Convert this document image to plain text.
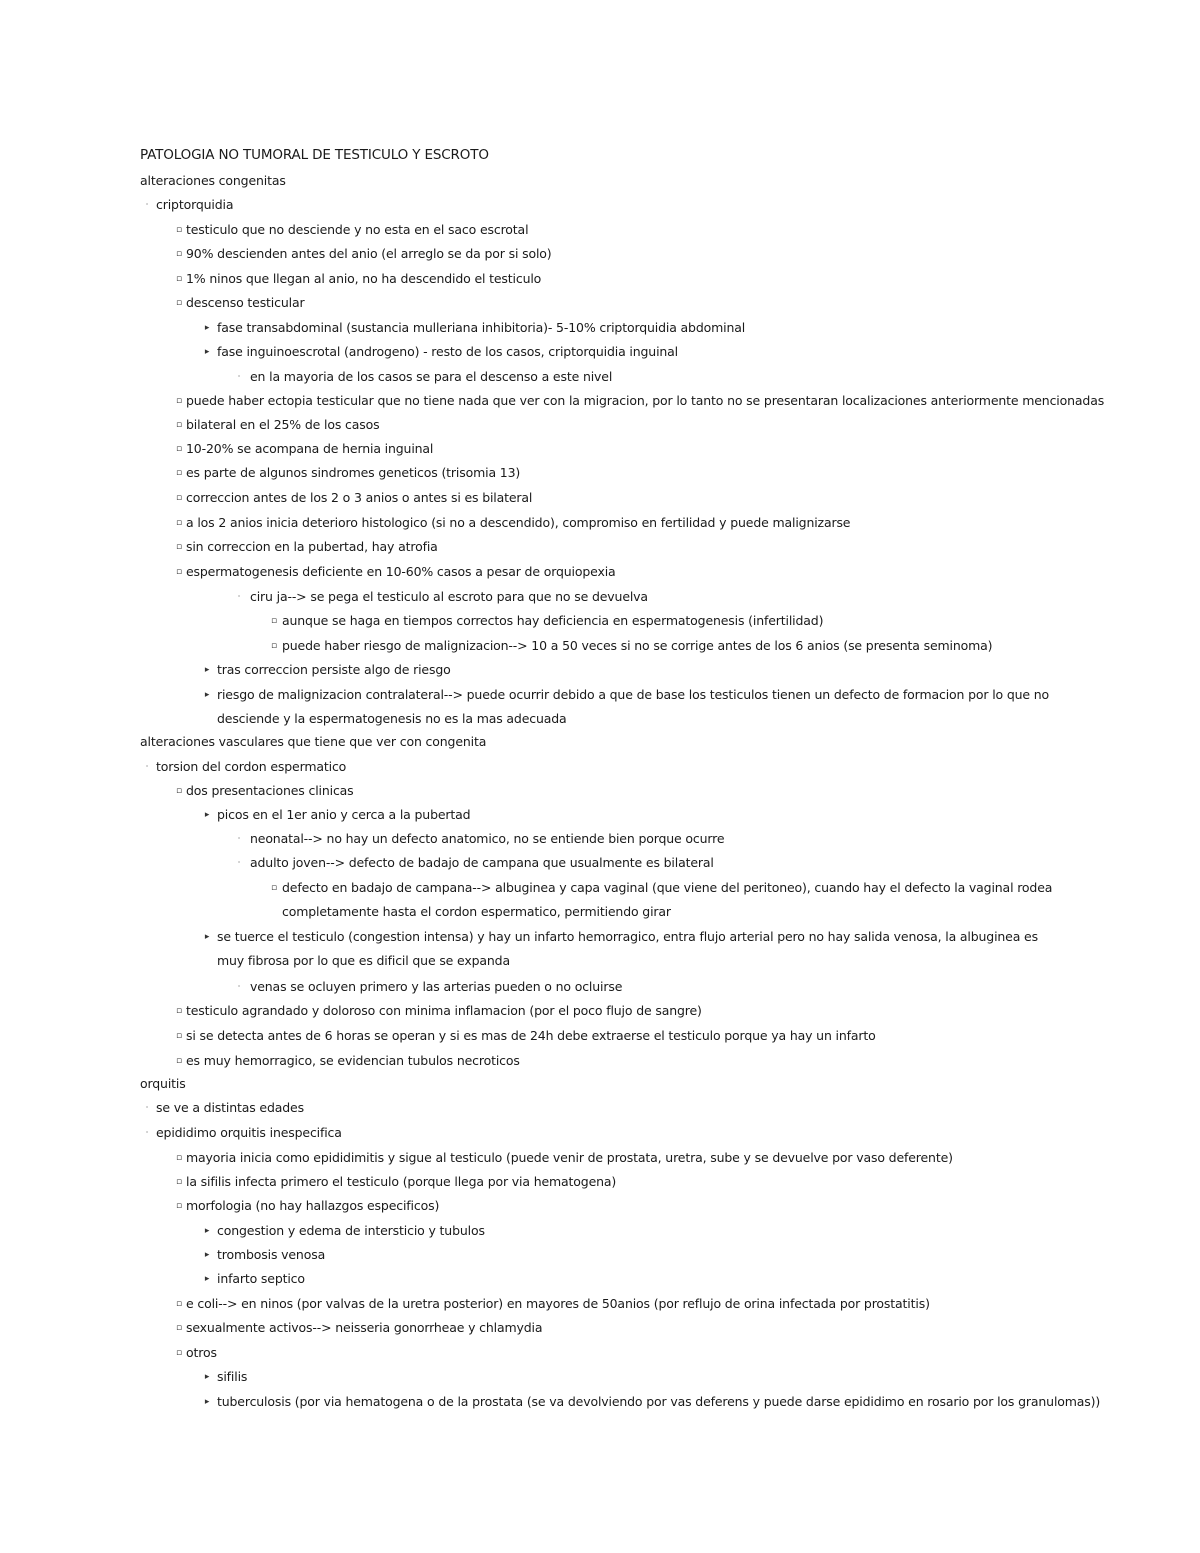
PATOLOGIA NO TUMORAL DE TESTICULO Y ESCROTO
alteraciones congenitas
· criptorquidia
▫ testiculo que no desciende y no esta en el saco escrotal
▫ 90% descienden antes del anio (el arreglo se da por si solo)
▫ 1% ninos que llegan al anio, no ha descendido el testiculo
▫ descenso testicular
▸ fase transabdominal (sustancia mulleriana inhibitoria)- 5-10% criptorquidia abdominal
▸ fase inguinoescrotal (androgeno) - resto de los casos, criptorquidia inguinal
· en la mayoria de los casos se para el descenso a este nivel
▫ puede haber ectopia testicular que no tiene nada que ver con la migracion, por lo tanto no se presentaran localizaciones anteriormente mencionadas
▫ bilateral en el 25% de los casos
▫ 10-20% se acompana de hernia inguinal
▫ es parte de algunos sindromes geneticos (trisomia 13)
▫ correccion antes de los 2 o 3 anios o antes si es bilateral
▫ a los 2 anios inicia deterioro histologico (si no a descendido), compromiso en fertilidad y puede malignizarse
▫ sin correccion en la pubertad, hay atrofia
▫ espermatogenesis deficiente en 10-60% casos a pesar de orquiopexia
· ciru ja--> se pega el testiculo al escroto para que no se devuelva
▫ aunque se haga en tiempos correctos hay deficiencia en espermatogenesis (infertilidad)
▫ puede haber riesgo de malignizacion--> 10 a 50 veces si no se corrige antes de los 6 anios (se presenta seminoma)
▸ tras correccion persiste algo de riesgo
▸ riesgo de malignizacion contralateral--> puede ocurrir debido a que de base los testiculos tienen un defecto de formacion por lo que no desciende y la espermatogenesis no es la mas adecuada
alteraciones vasculares que tiene que ver con congenita
· torsion del cordon espermatico
▫ dos presentaciones clinicas
▸ picos en el 1er anio y cerca a la pubertad
· neonatal--> no hay un defecto anatomico, no se entiende bien porque ocurre
· adulto joven--> defecto de badajo de campana que usualmente es bilateral
▫ defecto en badajo de campana--> albuginea y capa vaginal (que viene del peritoneo), cuando hay el defecto la vaginal rodea completamente hasta el cordon espermatico, permitiendo girar
▸ se tuerce el testiculo (congestion intensa) y hay un infarto hemorragico, entra flujo arterial pero no hay salida venosa, la albuginea es muy fibrosa por lo que es dificil que se expanda
· venas se ocluyen primero y las arterias pueden o no ocluirse
▫ testiculo agrandado y doloroso con minima inflamacion (por el poco flujo de sangre)
▫ si se detecta antes de 6 horas se operan y si es mas de 24h debe extraerse el testiculo porque ya hay un infarto
▫ es muy hemorragico, se evidencian tubulos necroticos
orquitis
· se ve a distintas edades
· epididimo orquitis inespecifica
▫ mayoria inicia como epididimitis y sigue al testiculo (puede venir de prostata, uretra, sube y se devuelve por vaso deferente)
▫ la sifilis infecta primero el testiculo (porque llega por via hematogena)
▫ morfologia (no hay hallazgos especificos)
▸ congestion y edema de intersticio y tubulos
▸ trombosis venosa
▸ infarto septico
▫ e coli--> en ninos (por valvas de la uretra posterior) en mayores de 50anios (por reflujo de orina infectada por prostatitis)
▫ sexualmente activos--> neisseria gonorrheae y chlamydia
▫ otros
▸ sifilis
▸ tuberculosis (por via hematogena o de la prostata (se va devolviendo por vas deferens y puede darse epididimo en rosario por los granulomas))
